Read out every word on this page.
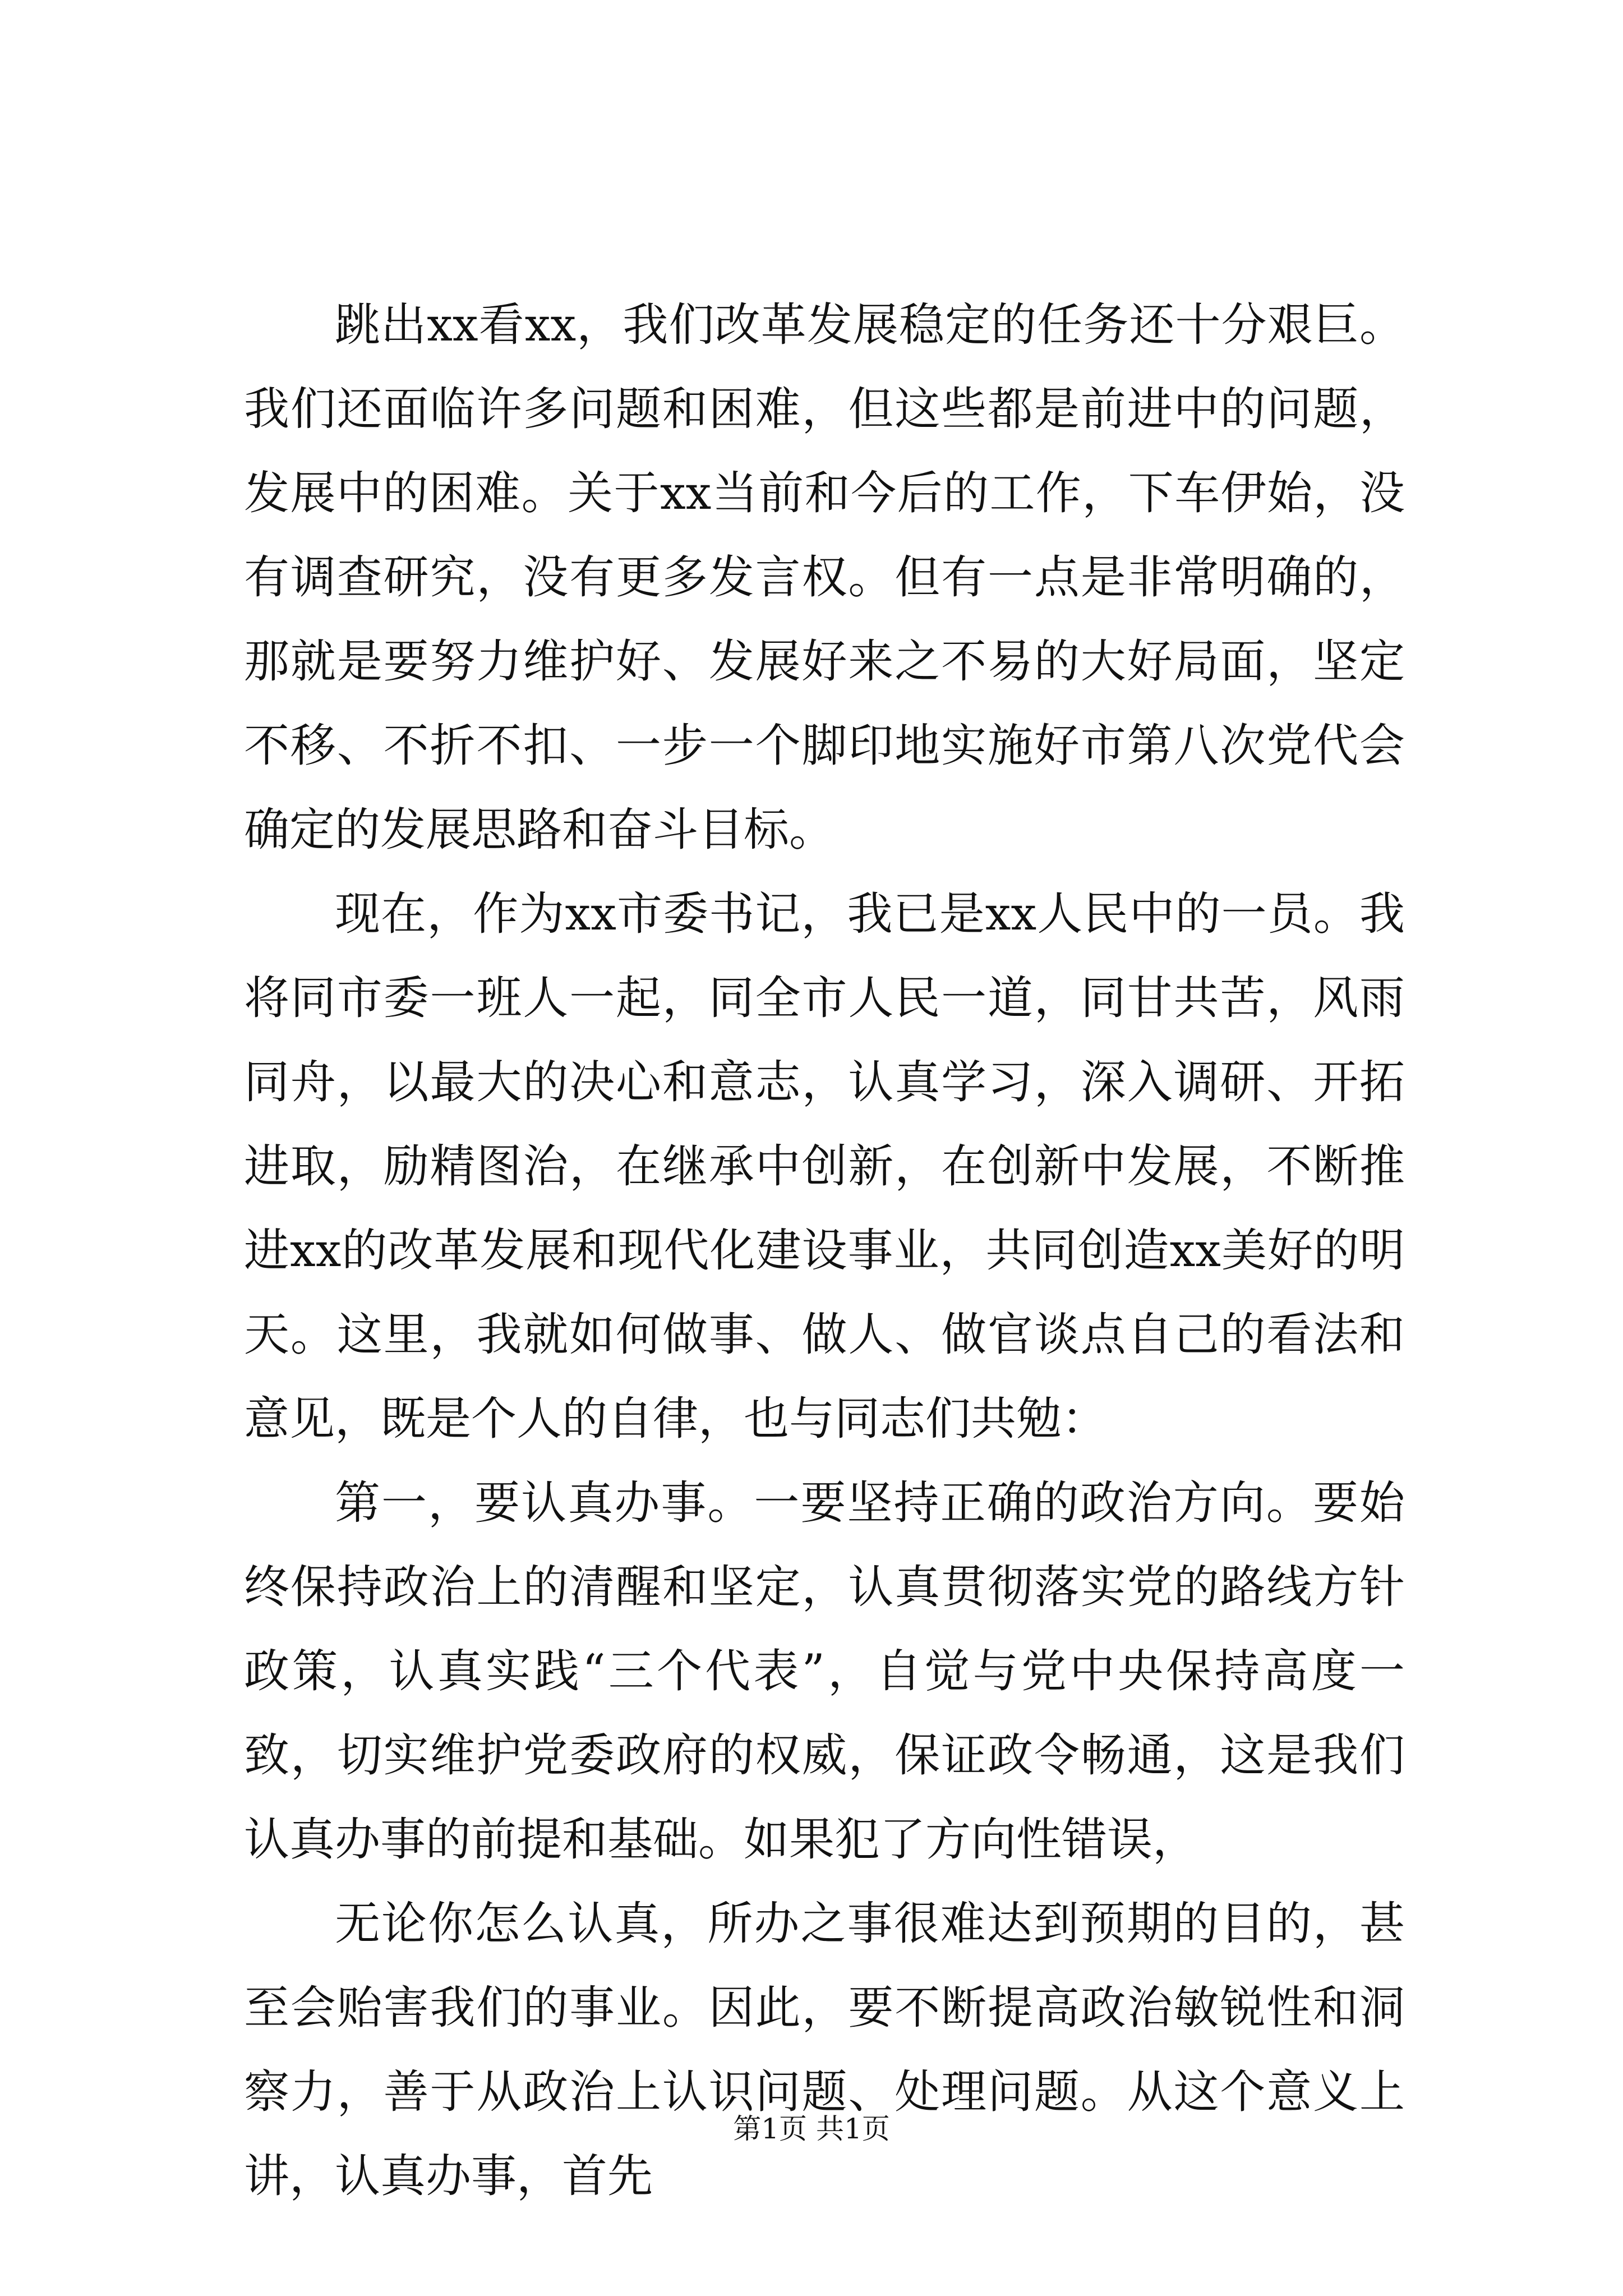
跳出xx看xx，我们改革发展稳定的任务还十分艰巨。我们还面临许多问题和困难，但这些都是前进中的问题，发展中的困难。关于xx当前和今后的工作，下车伊始，没有调查研究，没有更多发言权。但有一点是非常明确的，那就是要努力维护好、发展好来之不易的大好局面，坚定不移、不折不扣、一步一个脚印地实施好市第八次党代会确定的发展思路和奋斗目标。

现在，作为xx市委书记，我已是xx人民中的一员。我将同市委一班人一起，同全市人民一道，同甘共苦，风雨同舟，以最大的决心和意志，认真学习，深入调研、开拓进取，励精图治，在继承中创新，在创新中发展，不断推进xx的改革发展和现代化建设事业，共同创造xx美好的明天。这里，我就如何做事、做人、做官谈点自己的看法和意见，既是个人的自律，也与同志们共勉：

第一，要认真办事。一要坚持正确的政治方向。要始终保持政治上的清醒和坚定，认真贯彻落实党的路线方针政策，认真实践“三个代表”，自觉与党中央保持高度一致，切实维护党委政府的权威，保证政令畅通，这是我们认真办事的前提和基础。如果犯了方向性错误，

无论你怎么认真，所办之事很难达到预期的目的，甚至会贻害我们的事业。因此，要不断提高政治敏锐性和洞察力，善于从政治上认识问题、处理问题。从这个意义上讲，认真办事，首先

第1页 共1页
